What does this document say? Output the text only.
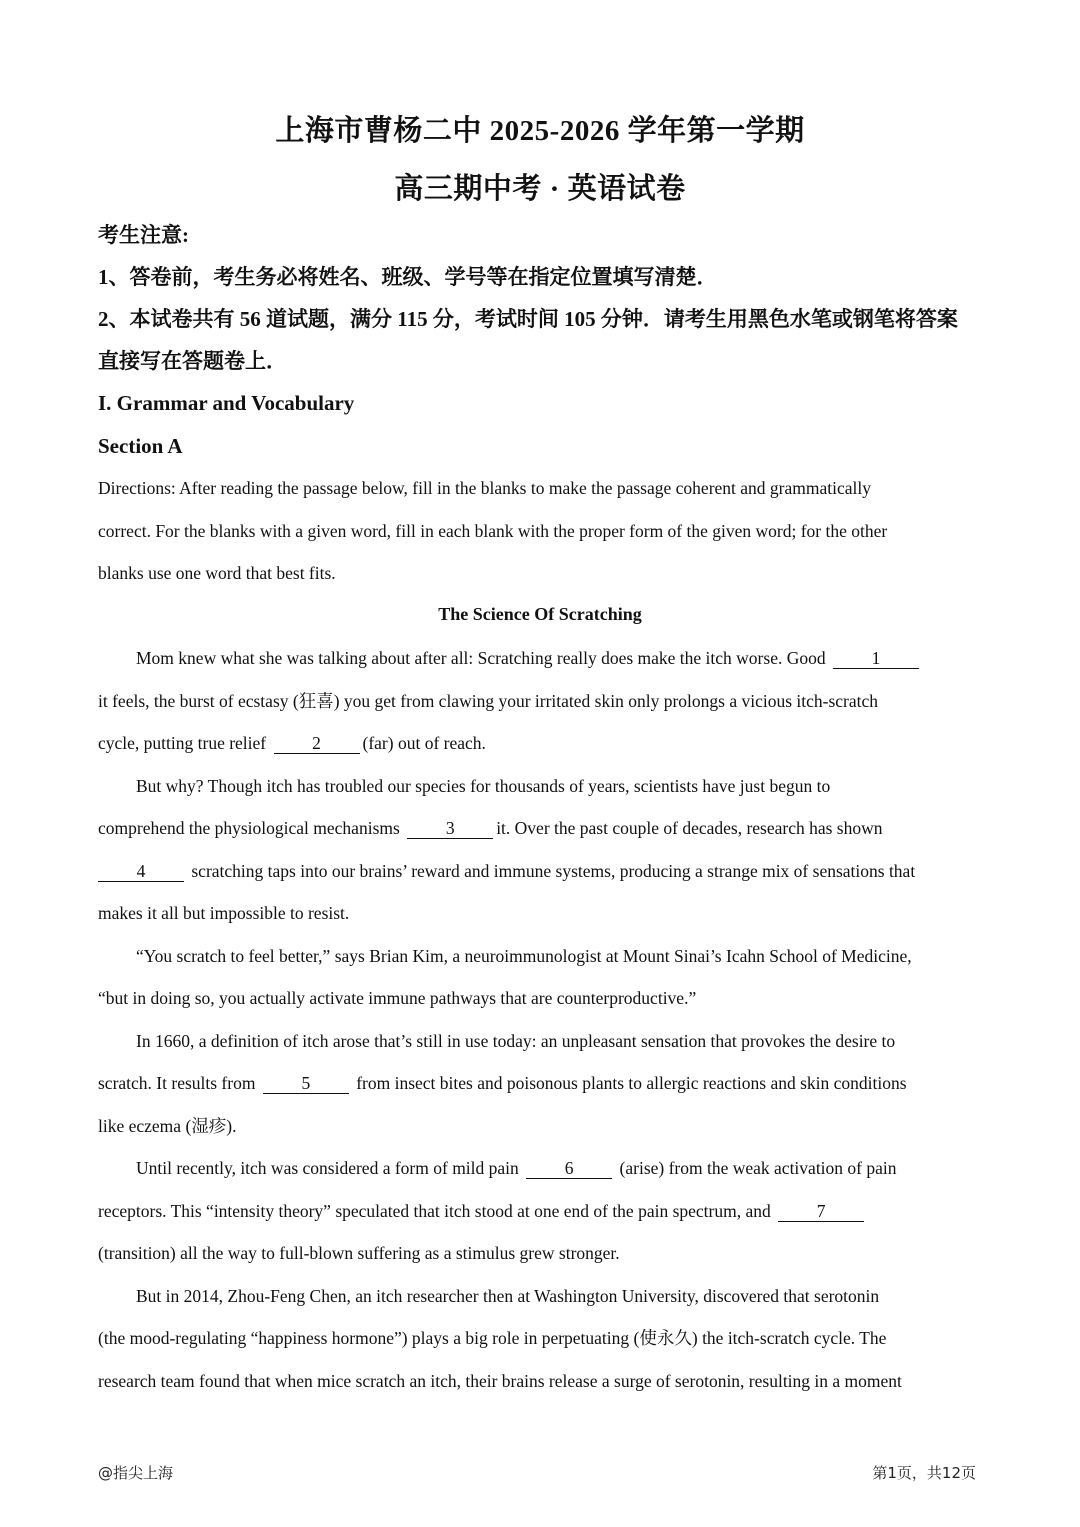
上海市曹杨二中 2025-2026 学年第一学期
高三期中考 · 英语试卷
考生注意:
1、答卷前，考生务必将姓名、班级、学号等在指定位置填写清楚．
2、本试卷共有 56 道试题，满分 115 分，考试时间 105 分钟．请考生用黑色水笔或钢笔将答案
直接写在答题卷上．
I. Grammar and Vocabulary
Section A
Directions: After reading the passage below, fill in the blanks to make the passage coherent and grammatically
correct. For the blanks with a given word, fill in each blank with the proper form of the given word; for the other
blanks use one word that best fits.
The Science Of Scratching
Mom knew what she was talking about after all: Scratching really does make the itch worse. Good	1
it feels, the burst of ecstasy (狂喜) you get from clawing your irritated skin only prolongs a vicious itch-scratch
cycle, putting true relief	2 (far) out of reach.
But why? Though itch has troubled our species for thousands of years, scientists have just begun to
comprehend the physiological mechanisms	3 it. Over the past couple of decades, research has shown
4	scratching taps into our brains’ reward and immune systems, producing a strange mix of sensations that
makes it all but impossible to resist.
“You scratch to feel better,” says Brian Kim, a neuroimmunologist at Mount Sinai’s Icahn School of Medicine,
“but in doing so, you actually activate immune pathways that are counterproductive.”
In 1660, a definition of itch arose that’s still in use today: an unpleasant sensation that provokes the desire to
scratch. It results from	5	from insect bites and poisonous plants to allergic reactions and skin conditions
like eczema (湿疹).
Until recently, itch was considered a form of mild pain	6	(arise) from the weak activation of pain
receptors. This “intensity theory” speculated that itch stood at one end of the pain spectrum, and	7
(transition) all the way to full-blown suffering as a stimulus grew stronger.
But in 2014, Zhou-Feng Chen, an itch researcher then at Washington University, discovered that serotonin
(the mood-regulating “happiness hormone”) plays a big role in perpetuating (使永久) the itch-scratch cycle. The
research team found that when mice scratch an itch, their brains release a surge of serotonin, resulting in a moment
@指尖上海	第1页，共12页
